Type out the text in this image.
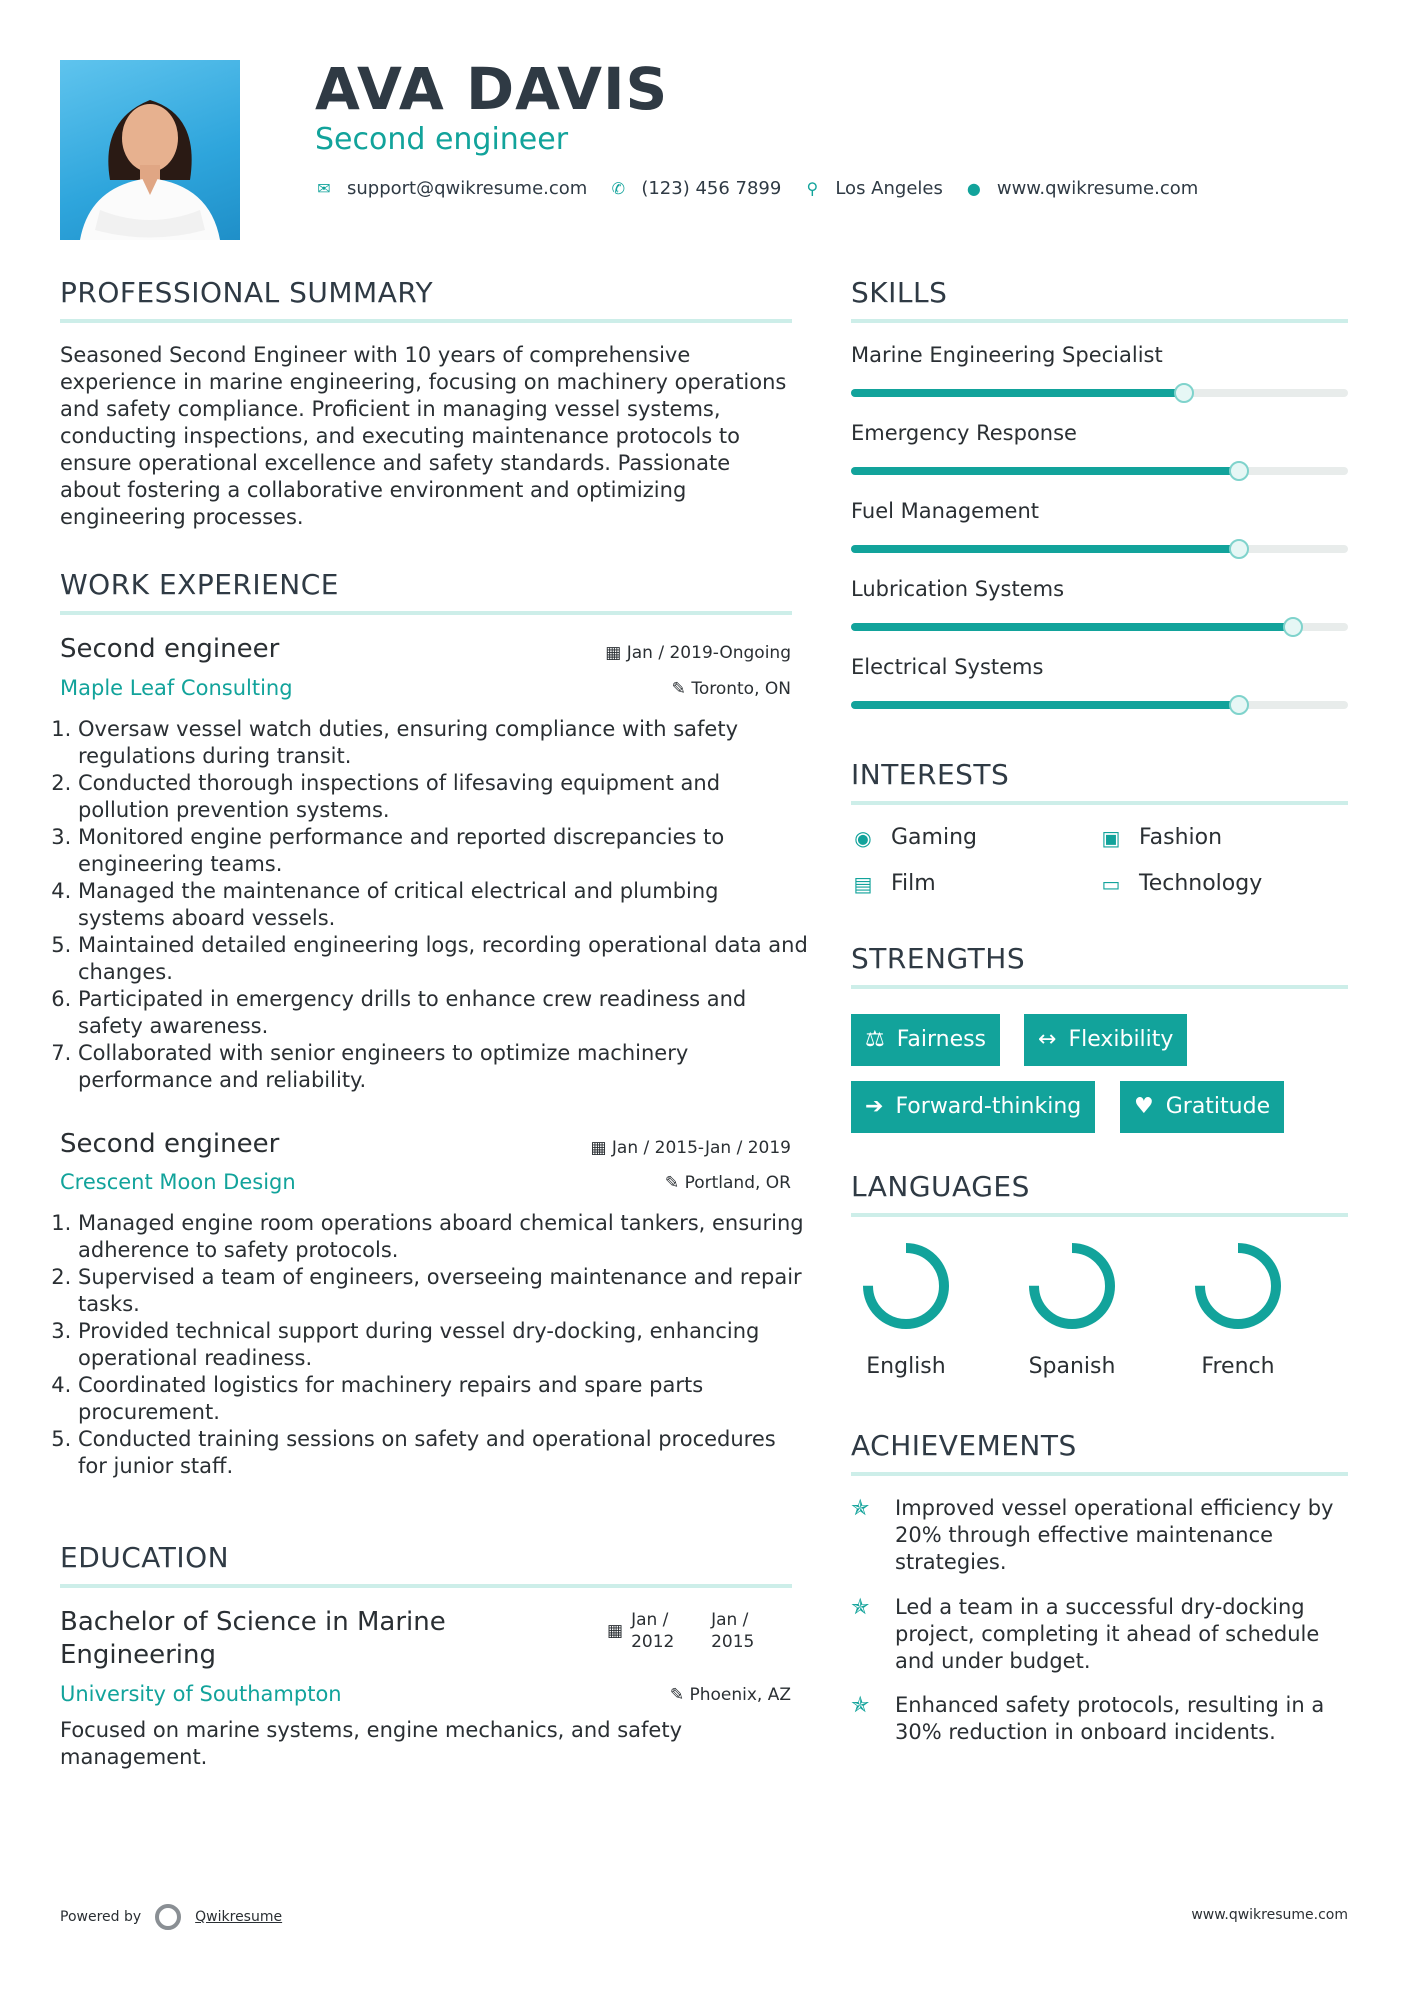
AVA DAVIS
Second engineer
✉ support@qwikresume.com ✆ (123) 456 7899 ⚲ Los Angeles ● www.qwikresume.com
PROFESSIONAL SUMMARY
Seasoned Second Engineer with 10 years of comprehensive experience in marine engineering, focusing on machinery operations and safety compliance. Proficient in managing vessel systems, conducting inspections, and executing maintenance protocols to ensure operational excellence and safety standards. Passionate about fostering a collaborative environment and optimizing engineering processes.
WORK EXPERIENCE
Second engineer	▦ Jan / 2019-Ongoing
Maple Leaf Consulting	✎ Toronto, ON
1. Oversaw vessel watch duties, ensuring compliance with safety regulations during transit.
2. Conducted thorough inspections of lifesaving equipment and pollution prevention systems.
3. Monitored engine performance and reported discrepancies to engineering teams.
4. Managed the maintenance of critical electrical and plumbing systems aboard vessels.
5. Maintained detailed engineering logs, recording operational data and changes.
6. Participated in emergency drills to enhance crew readiness and safety awareness.
7. Collaborated with senior engineers to optimize machinery performance and reliability.
Second engineer	▦ Jan / 2015-Jan / 2019
Crescent Moon Design	✎ Portland, OR
1. Managed engine room operations aboard chemical tankers, ensuring adherence to safety protocols.
2. Supervised a team of engineers, overseeing maintenance and repair tasks.
3. Provided technical support during vessel dry-docking, enhancing operational readiness.
4. Coordinated logistics for machinery repairs and spare parts procurement.
5. Conducted training sessions on safety and operational procedures for junior staff.
EDUCATION
Bachelor of Science in Marine Engineering
▦
Jan / 2012
Jan / 2015
University of Southampton	✎ Phoenix, AZ
Focused on marine systems, engine mechanics, and safety management.
SKILLS
Marine Engineering Specialist
Emergency Response
Fuel Management
Lubrication Systems
Electrical Systems
INTERESTS
◉ Gaming	▣ Fashion
▤ Film	▭ Technology
STRENGTHS
⚖ Fairness ↔ Flexibility
➔ Forward-thinking ♥ Gratitude
LANGUAGES
English	Spanish	French
ACHIEVEMENTS
✯	Improved vessel operational efficiency by 20% through effective maintenance strategies.
✯	Led a team in a successful dry-docking project, completing it ahead of schedule and under budget.
✯	Enhanced safety protocols, resulting in a 30% reduction in onboard incidents.
Powered by	Qwikresume	www.qwikresume.com
